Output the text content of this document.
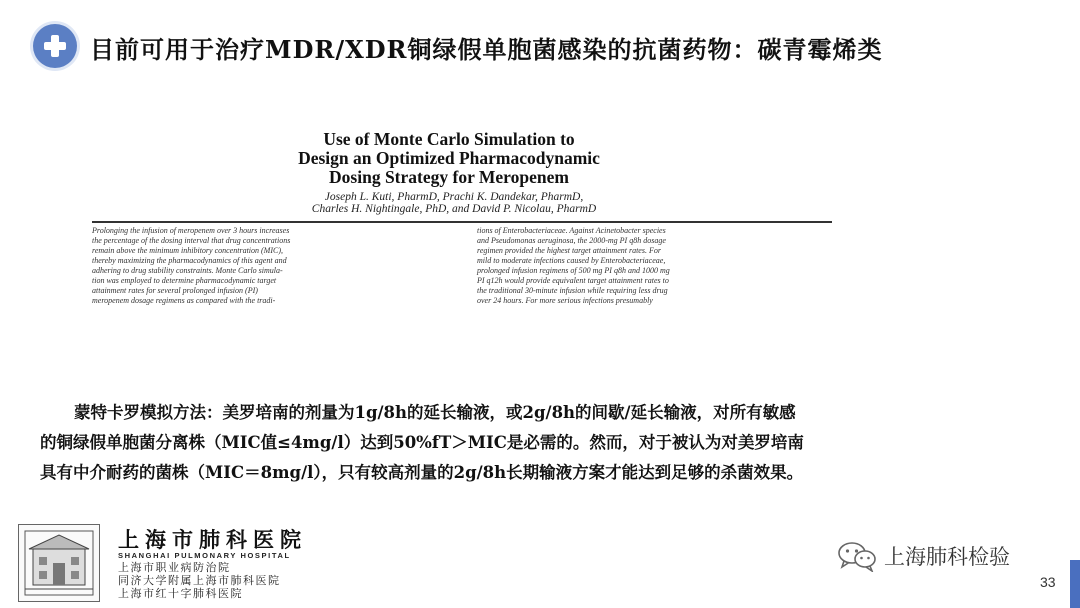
目前可用于治疗MDR/XDR铜绿假单胞菌感染的抗菌药物：碳青霉烯类
Use of Monte Carlo Simulation to
Design an Optimized Pharmacodynamic
Dosing Strategy for Meropenem
Joseph L. Kuti, PharmD, Prachi K. Dandekar, PharmD,
Charles H. Nightingale, PhD, and David P. Nicolau, PharmD
Prolonging the infusion of meropenem over 3 hours increases
the percentage of the dosing interval that drug concentrations
remain above the minimum inhibitory concentration (MIC),
thereby maximizing the pharmacodynamics of this agent and
adhering to drug stability constraints. Monte Carlo simula-
tion was employed to determine pharmacodynamic target
attainment rates for several prolonged infusion (PI)
meropenem dosage regimens as compared with the tradi-
tions of Enterobacteriaceae. Against Acinetobacter species
and Pseudomonas aeruginosa, the 2000-mg PI q8h dosage
regimen provided the highest target attainment rates. For
mild to moderate infections caused by Enterobacteriaceae,
prolonged infusion regimens of 500 mg PI q8h and 1000 mg
PI q12h would provide equivalent target attainment rates to
the traditional 30-minute infusion while requiring less drug
over 24 hours. For more serious infections presumably
蒙特卡罗模拟方法：美罗培南的剂量为1g/8h的延长输液，或2g/8h的间歇/延长输液，对所有敏感
的铜绿假单胞菌分离株（MIC值≤4mg/l）达到50%fT＞MIC是必需的。然而，对于被认为对美罗培南
具有中介耐药的菌株（MIC＝8mg/l），只有较高剂量的2g/8h长期输液方案才能达到足够的杀菌效果。
上海市肺科医院
SHANGHAI PULMONARY HOSPITAL
上海市职业病防治院
同济大学附属上海市肺科医院
上海市红十字肺科医院
上海肺科检验
33
